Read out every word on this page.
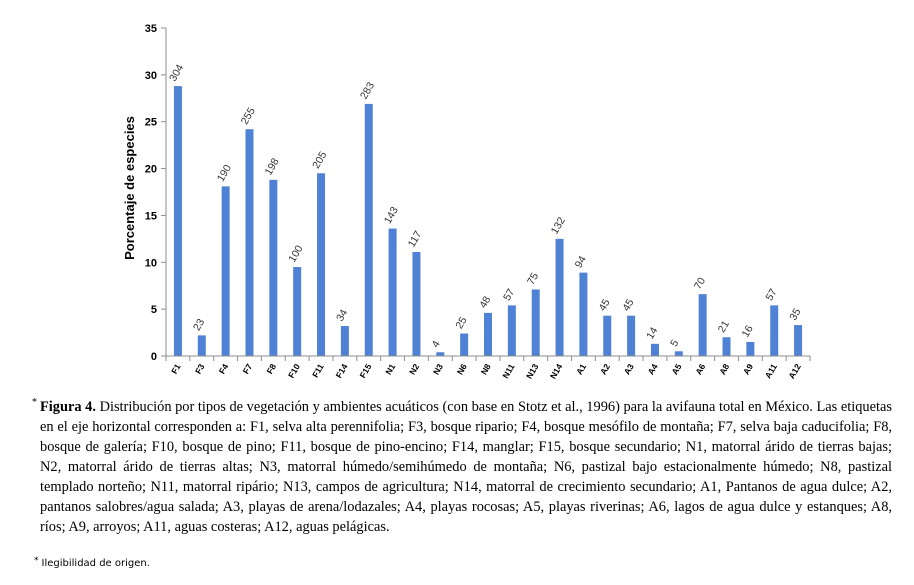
0
5
10
15
20
25
30
35
304
23
190
255
198
100
205
34
283
143
117
4
25
48 57
75
132
94
45 45
14
5
70
21 16
57
35
F1 F3 F4 F7 F8 F10 F11 F14 F15 N1 N2 N3 N6 N8 N11 N13 N14 A1 A2 A3 A4 A5 A6 A8 A9 A11 A12
Porcentaje de especies
* Figura 4. Distribución por tipos de vegetación y ambientes acuáticos (con base en Stotz et al., 1996) para la avifauna total en México. Las etiquetas en el eje horizontal corresponden a: F1, selva alta perennifolia; F3, bosque ripario; F4, bosque mesófilo de montaña; F7, selva baja caducifolia; F8, bosque de galería; F10, bosque de pino; F11, bosque de pino-encino; F14, manglar; F15, bosque secundario; N1, matorral árido de tierras bajas; N2, matorral árido de tierras altas; N3, matorral húmedo/semihúmedo de montaña; N6, pastizal bajo estacionalmente húmedo; N8, pastizal templado norteño; N11, matorral ripário; N13, campos de agricultura; N14, matorral de crecimiento secundario; A1, Pantanos de agua dulce; A2, pantanos salobres/agua salada; A3, playas de arena/lodazales; A4, playas rocosas; A5, playas riverinas; A6, lagos de agua dulce y estanques; A8, ríos; A9, arroyos; A11, aguas costeras; A12, aguas pelágicas.
* Ilegibilidad de origen.
